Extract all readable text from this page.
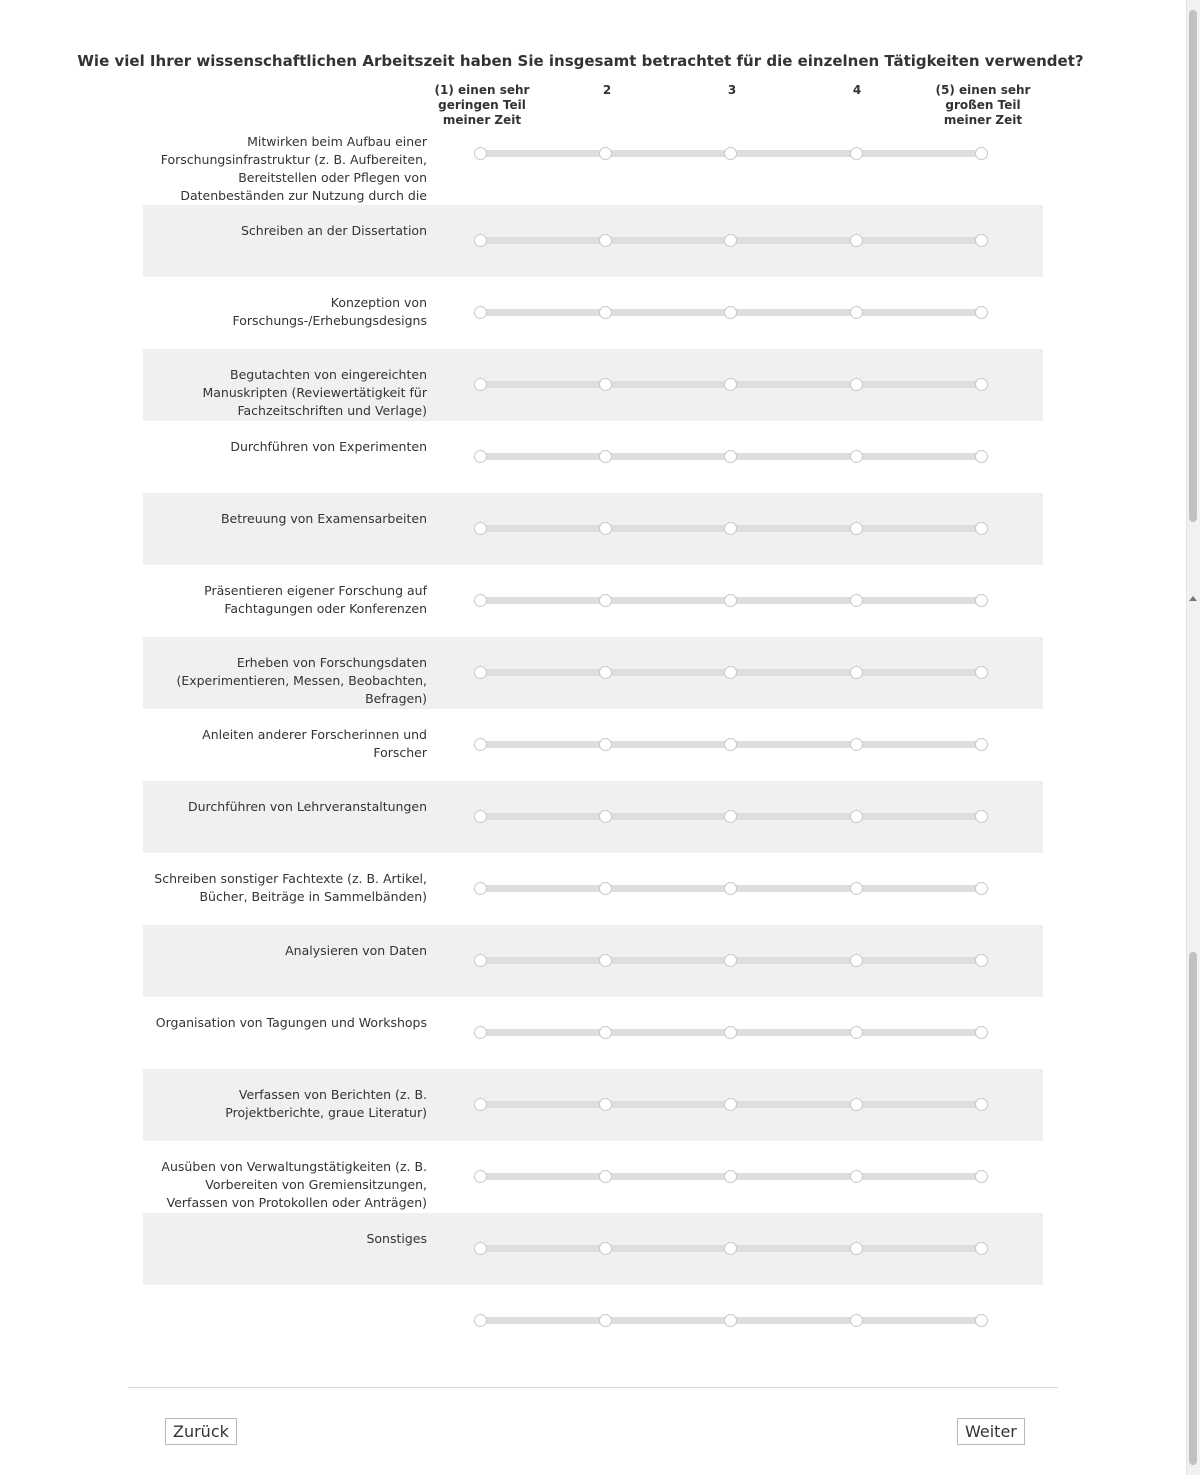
Wie viel Ihrer wissenschaftlichen Arbeitszeit haben Sie insgesamt betrachtet für die einzelnen Tätigkeiten verwendet?
(1) einen sehr geringen Teil meiner Zeit
2	3	4	(5) einen sehr großen Teil meiner Zeit
Mitwirken beim Aufbau einer Forschungsinfrastruktur (z. B. Aufbereiten, Bereitstellen oder Pflegen von Datenbeständen zur Nutzung durch die
Schreiben an der Dissertation
Konzeption von Forschungs-/Erhebungsdesigns
Begutachten von eingereichten Manuskripten (Reviewertätigkeit für Fachzeitschriften und Verlage)
Durchführen von Experimenten
Betreuung von Examensarbeiten
Präsentieren eigener Forschung auf Fachtagungen oder Konferenzen
Erheben von Forschungsdaten (Experimentieren, Messen, Beobachten, Befragen)
Anleiten anderer Forscherinnen und Forscher
Durchführen von Lehrveranstaltungen
Schreiben sonstiger Fachtexte (z. B. Artikel, Bücher, Beiträge in Sammelbänden)
Analysieren von Daten
Organisation von Tagungen und Workshops
Verfassen von Berichten (z. B. Projektberichte, graue Literatur)
Ausüben von Verwaltungstätigkeiten (z. B. Vorbereiten von Gremiensitzungen, Verfassen von Protokollen oder Anträgen)
Sonstiges
Zurück	Weiter
